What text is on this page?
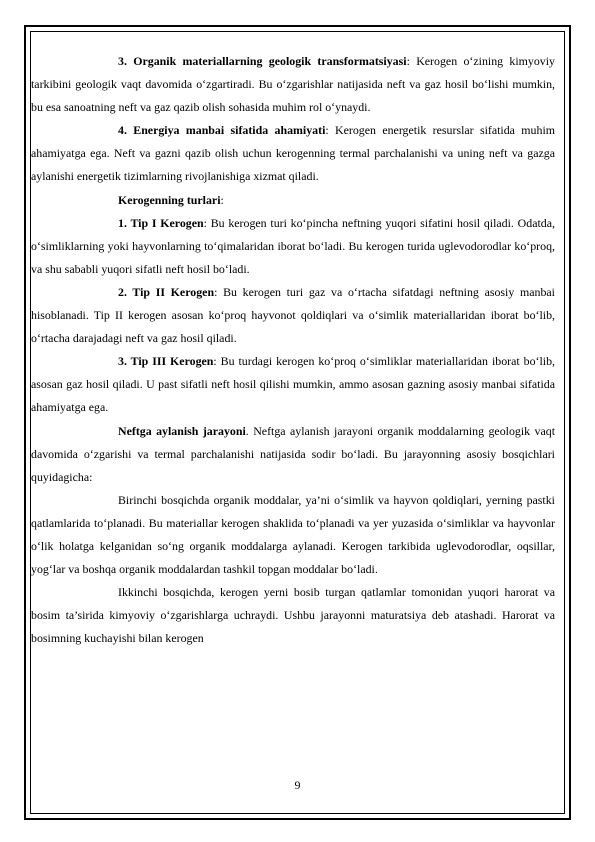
3. Organik materiallarning geologik transformatsiyasi: Kerogen o‘zining kimyoviy tarkibini geologik vaqt davomida o‘zgartiradi. Bu o‘zgarishlar natijasida neft va gaz hosil bo‘lishi mumkin, bu esa sanoatning neft va gaz qazib olish sohasida muhim rol o‘ynaydi.

4. Energiya manbai sifatida ahamiyati: Kerogen energetik resurslar sifatida muhim ahamiyatga ega. Neft va gazni qazib olish uchun kerogenning termal parchalanishi va uning neft va gazga aylanishi energetik tizimlarning rivojlanishiga xizmat qiladi.

Kerogenning turlari:

1. Tip I Kerogen: Bu kerogen turi ko‘pincha neftning yuqori sifatini hosil qiladi. Odatda, o‘simliklarning yoki hayvonlarning to‘qimalaridan iborat bo‘ladi. Bu kerogen turida uglevodorodlar ko‘proq, va shu sababli yuqori sifatli neft hosil bo‘ladi.

2. Tip II Kerogen: Bu kerogen turi gaz va o‘rtacha sifatdagi neftning asosiy manbai hisoblanadi. Tip II kerogen asosan ko‘proq hayvonot qoldiqlari va o‘simlik materiallaridan iborat bo‘lib, o‘rtacha darajadagi neft va gaz hosil qiladi.

3. Tip III Kerogen: Bu turdagi kerogen ko‘proq o‘simliklar materiallaridan iborat bo‘lib, asosan gaz hosil qiladi. U past sifatli neft hosil qilishi mumkin, ammo asosan gazning asosiy manbai sifatida ahamiyatga ega.

Neftga aylanish jarayoni. Neftga aylanish jarayoni organik moddalarning geologik vaqt davomida o‘zgarishi va termal parchalanishi natijasida sodir bo‘ladi. Bu jarayonning asosiy bosqichlari quyidagicha:

Birinchi bosqichda organik moddalar, ya’ni o‘simlik va hayvon qoldiqlari, yerning pastki qatlamlarida to‘planadi. Bu materiallar kerogen shaklida to‘planadi va yer yuzasida o‘simliklar va hayvonlar o‘lik holatga kelganidan so‘ng organik moddalarga aylanadi. Kerogen tarkibida uglevodorodlar, oqsillar, yog‘lar va boshqa organik moddalardan tashkil topgan moddalar bo‘ladi.

Ikkinchi bosqichda, kerogen yerni bosib turgan qatlamlar tomonidan yuqori harorat va bosim ta’sirida kimyoviy o‘zgarishlarga uchraydi. Ushbu jarayonni maturatsiya deb atashadi. Harorat va bosimning kuchayishi bilan kerogen

9
